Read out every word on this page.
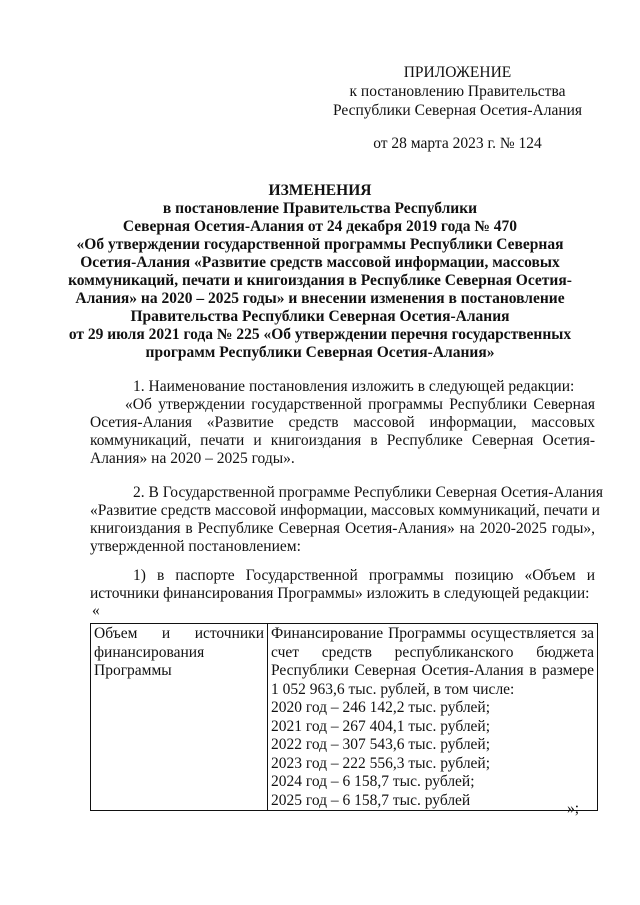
ПРИЛОЖЕНИЕ
к постановлению Правительства
Республики Северная Осетия-Алания
от 28 марта 2023 г. № 124
ИЗМЕНЕНИЯ
в постановление Правительства Республики
Северная Осетия-Алания от 24 декабря 2019 года № 470
«Об утверждении государственной программы Республики Северная
Осетия-Алания «Развитие средств массовой информации, массовых
коммуникаций, печати и книгоиздания в Республике Северная Осетия-
Алания» на 2020 – 2025 годы» и внесении изменения в постановление
Правительства Республики Северная Осетия-Алания
от 29 июля 2021 года № 225 «Об утверждении перечня государственных
программ Республики Северная Осетия-Алания»
1. Наименование постановления изложить в следующей редакции:
«Об утверждении государственной программы Республики Северная
Осетия-Алания «Развитие средств массовой информации, массовых
коммуникаций, печати и книгоиздания в Республике Северная Осетия-
Алания» на 2020 – 2025 годы».
2. В Государственной программе Республики Северная Осетия-Алания
«Развитие средств массовой информации, массовых коммуникаций, печати и
книгоиздания в Республике Северная Осетия-Алания» на 2020-2025 годы»,
утвержденной постановлением:
1) в паспорте Государственной программы позицию «Объем и
источники финансирования Программы» изложить в следующей редакции:
«
Объем и источники
финансирования
Программы

Финансирование Программы осуществляется за
счет средств республиканского бюджета
Республики Северная Осетия-Алания в размере
1 052 963,6 тыс. рублей, в том числе:
2020 год – 246 142,2 тыс. рублей;
2021 год – 267 404,1 тыс. рублей;
2022 год – 307 543,6 тыс. рублей;
2023 год – 222 556,3 тыс. рублей;
2024 год – 6 158,7 тыс. рублей;
2025 год – 6 158,7 тыс. рублей	»;
